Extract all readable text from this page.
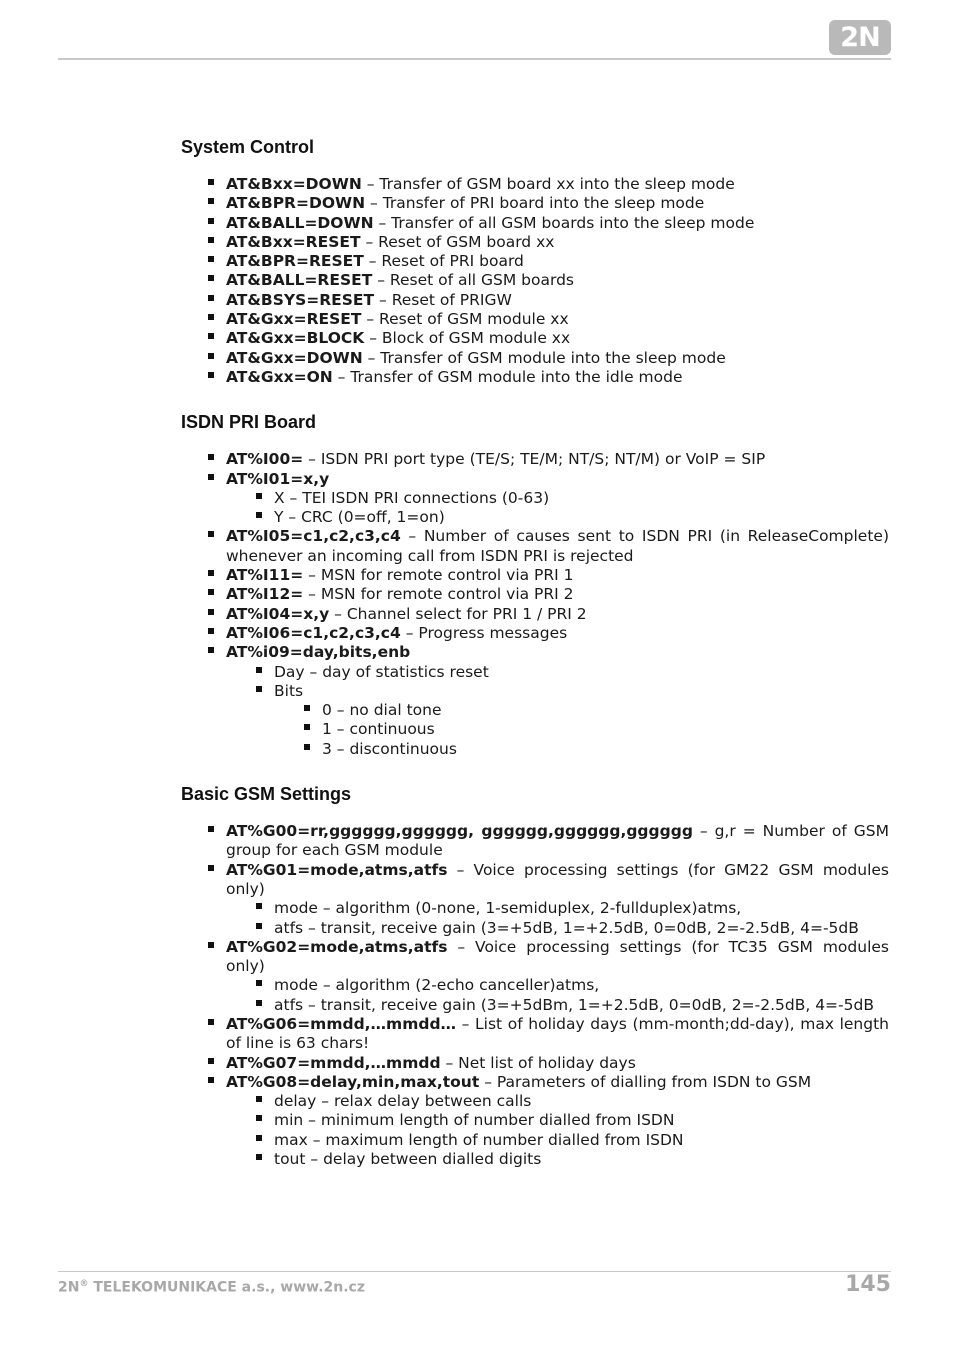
2N
System Control
AT&Bxx=DOWN – Transfer of GSM board xx into the sleep mode
AT&BPR=DOWN – Transfer of PRI board into the sleep mode
AT&BALL=DOWN – Transfer of all GSM boards into the sleep mode
AT&Bxx=RESET – Reset of GSM board xx
AT&BPR=RESET – Reset of PRI board
AT&BALL=RESET – Reset of all GSM boards
AT&BSYS=RESET – Reset of PRIGW
AT&Gxx=RESET – Reset of GSM module xx
AT&Gxx=BLOCK – Block of GSM module xx
AT&Gxx=DOWN – Transfer of GSM module into the sleep mode
AT&Gxx=ON – Transfer of GSM module into the idle mode
ISDN PRI Board
AT%I00= – ISDN PRI port type (TE/S; TE/M; NT/S; NT/M) or VoIP = SIP
AT%I01=x,y
X – TEI ISDN PRI connections (0-63)
Y – CRC (0=off, 1=on)
AT%I05=c1,c2,c3,c4 – Number of causes sent to ISDN PRI (in ReleaseComplete) whenever an incoming call from ISDN PRI is rejected
AT%I11= – MSN for remote control via PRI 1
AT%I12= – MSN for remote control via PRI 2
AT%I04=x,y – Channel select for PRI 1 / PRI 2
AT%I06=c1,c2,c3,c4 – Progress messages
AT%i09=day,bits,enb
Day – day of statistics reset
Bits
0 – no dial tone
1 – continuous
3 – discontinuous
Basic GSM Settings
AT%G00=rr,gggggg,gggggg, gggggg,gggggg,gggggg – g,r = Number of GSM group for each GSM module
AT%G01=mode,atms,atfs – Voice processing settings (for GM22 GSM modules only)
mode – algorithm (0-none, 1-semiduplex, 2-fullduplex)atms,
atfs – transit, receive gain (3=+5dB, 1=+2.5dB, 0=0dB, 2=-2.5dB, 4=-5dB
AT%G02=mode,atms,atfs – Voice processing settings (for TC35 GSM modules only)
mode – algorithm (2-echo canceller)atms,
atfs – transit, receive gain (3=+5dBm, 1=+2.5dB, 0=0dB, 2=-2.5dB, 4=-5dB
AT%G06=mmdd,…mmdd… – List of holiday days (mm-month;dd-day), max length of line is 63 chars!
AT%G07=mmdd,…mmdd – Net list of holiday days
AT%G08=delay,min,max,tout – Parameters of dialling from ISDN to GSM
delay – relax delay between calls
min – minimum length of number dialled from ISDN
max – maximum length of number dialled from ISDN
tout – delay between dialled digits
2N® TELEKOMUNIKACE a.s., www.2n.cz	145
